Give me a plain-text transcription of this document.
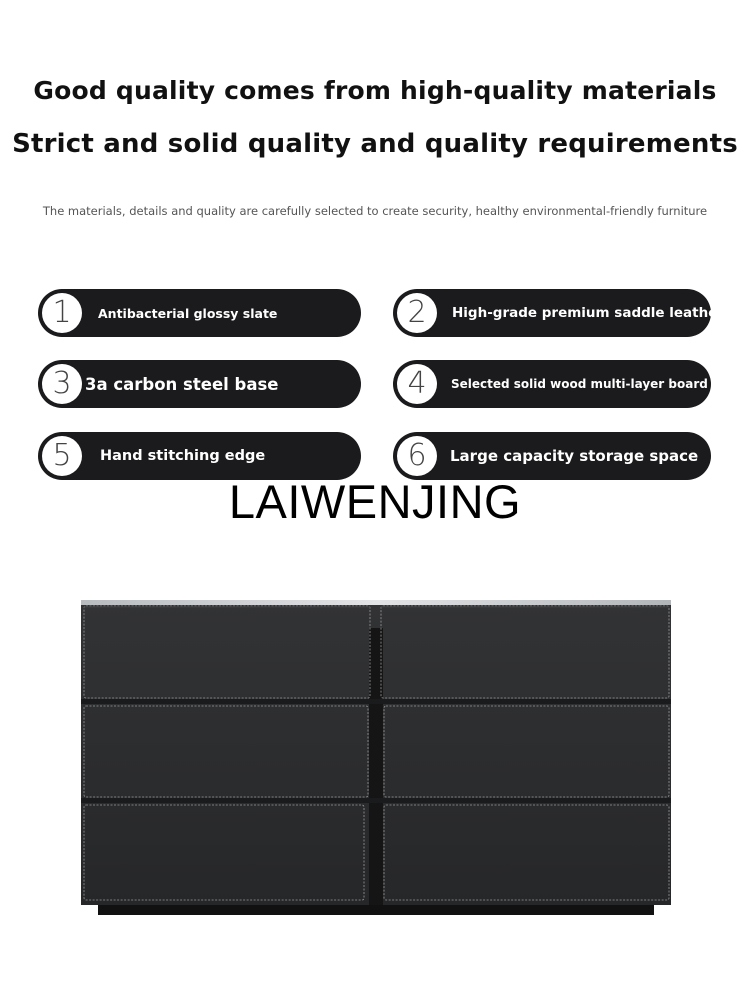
Good quality comes from high-quality materials
Strict and solid quality and quality requirements

The materials, details and quality are carefully selected to create security, healthy environmental-friendly furniture

1	Antibacterial glossy slate	2	High-grade premium saddle leather
3 3a carbon steel base	4	Selected solid wood multi-layer board
5	Hand stitching edge	6	Large capacity storage space
LAIWENJING
